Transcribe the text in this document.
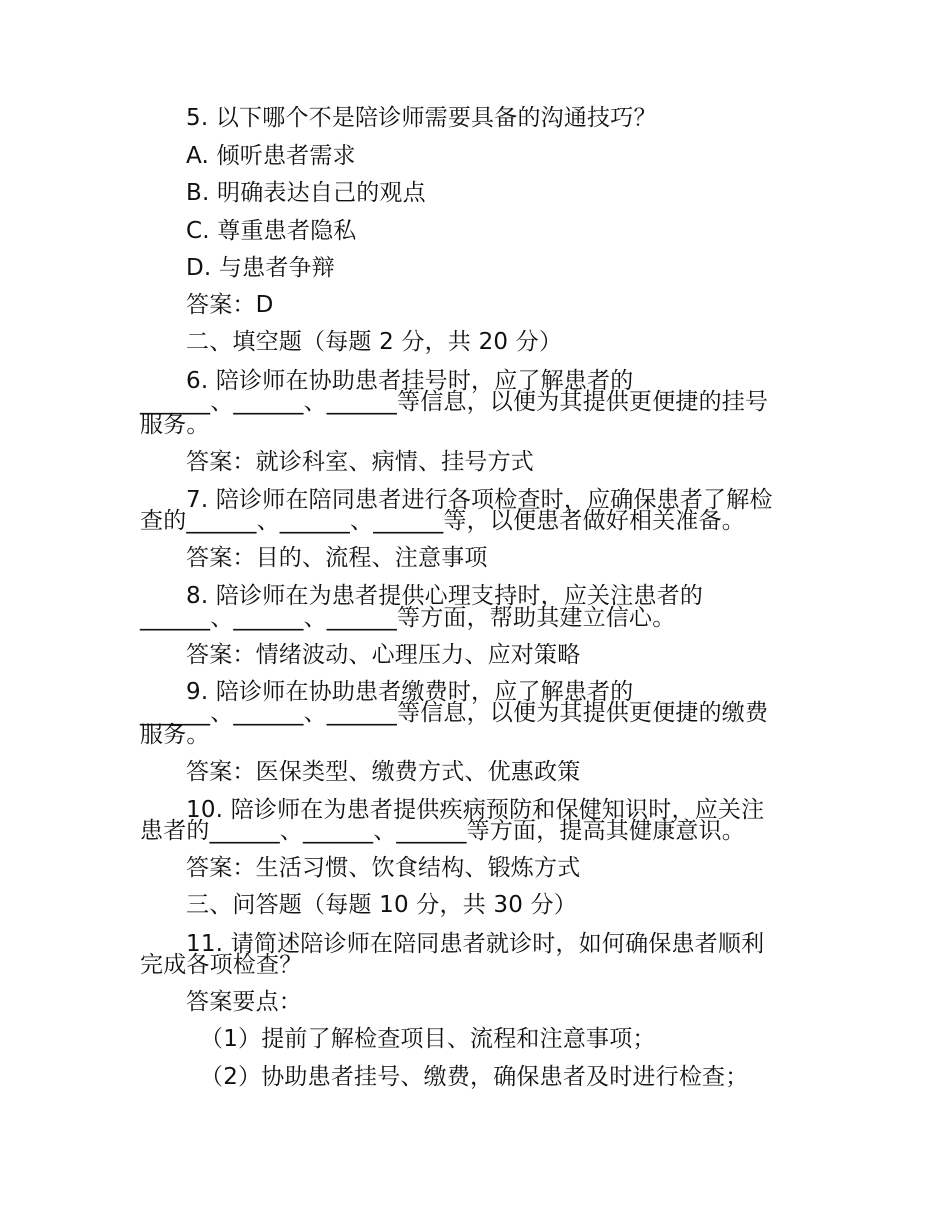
5. 以下哪个不是陪诊师需要具备的沟通技巧？
A. 倾听患者需求
B. 明确表达自己的观点
C. 尊重患者隐私
D. 与患者争辩
答案：D
二、填空题（每题 2 分，共 20 分）
6. 陪诊师在协助患者挂号时，应了解患者的
______、______、______等信息，以便为其提供更便捷的挂号
服务。
答案：就诊科室、病情、挂号方式
7. 陪诊师在陪同患者进行各项检查时，应确保患者了解检
查的______、______、______等，以便患者做好相关准备。
答案：目的、流程、注意事项
8. 陪诊师在为患者提供心理支持时，应关注患者的
______、______、______等方面，帮助其建立信心。
答案：情绪波动、心理压力、应对策略
9. 陪诊师在协助患者缴费时，应了解患者的
______、______、______等信息，以便为其提供更便捷的缴费
服务。
答案：医保类型、缴费方式、优惠政策
10. 陪诊师在为患者提供疾病预防和保健知识时，应关注
患者的______、______、______等方面，提高其健康意识。
答案：生活习惯、饮食结构、锻炼方式
三、问答题（每题 10 分，共 30 分）
11. 请简述陪诊师在陪同患者就诊时，如何确保患者顺利
完成各项检查？
答案要点：
（1）提前了解检查项目、流程和注意事项；
（2）协助患者挂号、缴费，确保患者及时进行检查；
